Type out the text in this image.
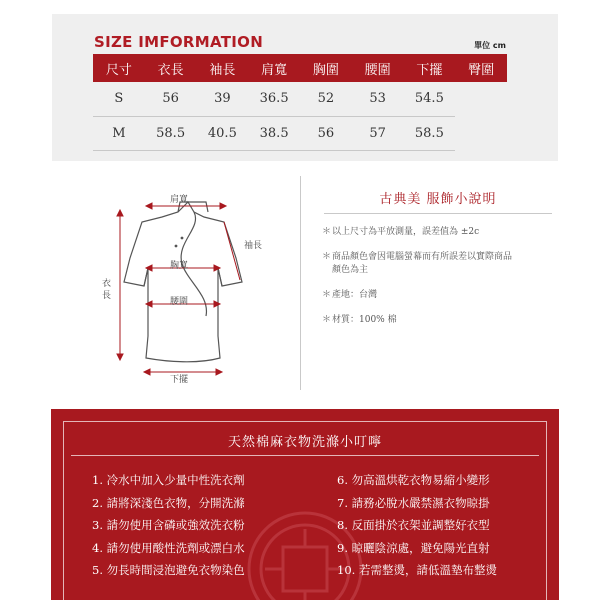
SIZE IMFORMATION	單位 cm
尺寸	衣長	袖長	肩寬	胸圍	腰圍	下擺	臀圍
S	56	39	36.5	52	53	54.5	
M	58.5	40.5	38.5	56	57	58.5	
肩寬
袖長
胸寬
衣長
腰圍
下擺
古典美 服飾小說明
＊ 以上尺寸為平放測量，誤差值為 ±2c
＊ 商品顏色會因電腦螢幕而有所誤差以實際商品顏色為主
＊ 產地：台灣
＊ 材質：100% 棉
天然棉麻衣物洗滌小叮嚀
1. 冷水中加入少量中性洗衣劑
2. 請將深淺色衣物，分開洗滌
3. 請勿使用含磷或強效洗衣粉
4. 請勿使用酸性洗劑或漂白水
5. 勿長時間浸泡避免衣物染色
6. 勿高溫烘乾衣物易縮小變形
7. 請務必脫水嚴禁濕衣物晾掛
8. 反面掛於衣架並調整好衣型
9. 晾曬陰涼處，避免陽光直射
10. 若需整燙，請低溫墊布整燙
